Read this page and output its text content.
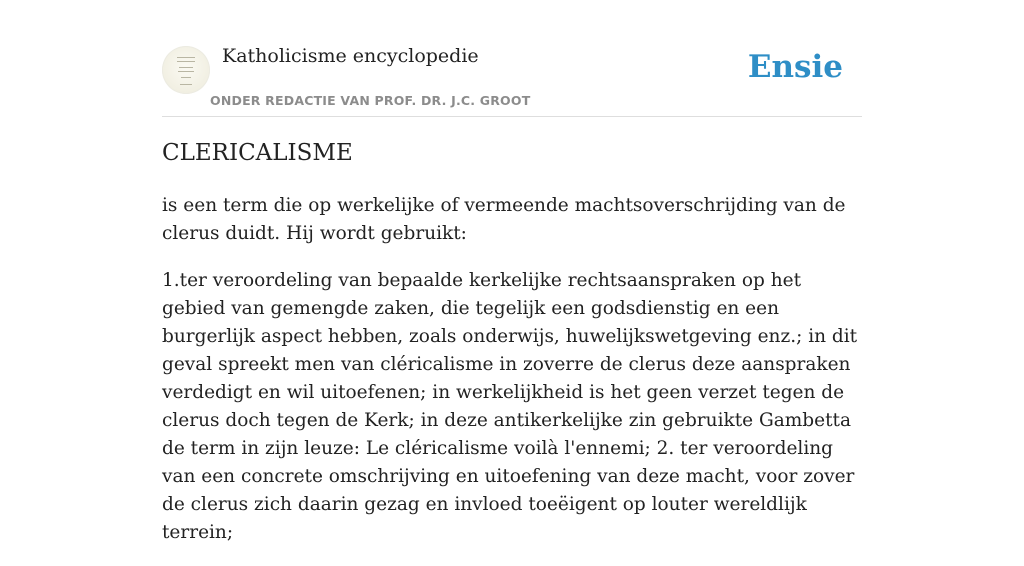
Katholicisme encyclopedie
ONDER REDACTIE VAN PROF. DR. J.C. GROOT
Ensie
CLERICALISME

is een term die op werkelijke of vermeende machtsoverschrijding van de clerus duidt. Hij wordt gebruikt:

1.ter veroordeling van bepaalde kerkelijke rechtsaanspraken op het gebied van gemengde zaken, die tegelijk een godsdienstig en een burgerlijk aspect hebben, zoals onderwijs, huwelijkswetgeving enz.; in dit geval spreekt men van cléricalisme in zoverre de clerus deze aanspraken verdedigt en wil uitoefenen; in werkelijkheid is het geen verzet tegen de clerus doch tegen de Kerk; in deze antikerkelijke zin gebruikte Gambetta de term in zijn leuze: Le cléricalisme voilà l'ennemi; 2. ter veroordeling van een concrete omschrijving en uitoefening van deze macht, voor zover de clerus zich daarin gezag en invloed toeëigent op louter wereldlijk terrein;
